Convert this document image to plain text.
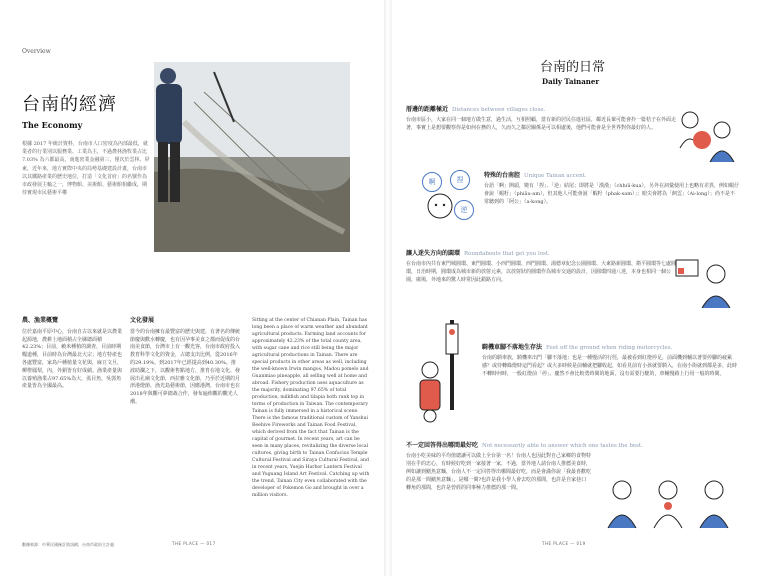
Overview
台南的經濟
The Economy
根據 2017 年統計資料，台南市人口密度為內部最低，就業者的行業別以服務業、工業為主，不過農林漁牧業占比 7.03% 為六都最高。南進密業金融第三，僅次於雲林、屏東，近年來，地方實際中央的局勢基礎建設計畫，台南市以其鐵路產業的歷史地位，打造「文化首府」的名號作為市政發展主軸之一，博物館、美術館、藝術館相繼成，期待實現市民藝術平權
農、漁業概覽
位於嘉南平原中心，台南自古以來就是以農業起源地，農耕土地面積占全縣總面積42.23%；目前，賴米種植的調查，目前時期糧道種，目前時為台灣最北大宗；地方特產也各處豐富，家鳥戶種植量文花與，麻豆文旦，柳橙鳳梨，內，外銷皆有好成績。漁業產量與以養殖漁業占97.65%為大，虱目魚，吳郭魚產量皆為全國最高。
文化發展
當今的台南擁有最豐富的歷史與建，有著名的傳統節慶與歡水轉慶，也有因孕事美食之都而促成的台南美食節，台灣市上有一觀光客，台南市政府投入教育科學文化的資金，占總支出比例，從2016年的29.19%，到2017年已經提高到40.30%。推波助瀾之下，以觀術售點地方，推育在地文化、發展出孔廟文化節，西拉雅文化節，乃至於近期的月津港燈節、漁光島藝術節，因應港灣，台南市也在2018年與觀可夢總裁合作，發布遍佈觀的觀光人潮。
Sitting at the center of Chianan Plain, Tainan has long been a place of warm weather and abundant agricultural products. Farming land accounts for approximately 42.23% of the total county area, with sugar cane and rice still being the major agricultural productions in Tainan. There are special products in other areas as well, including the well-known Irwin mangos, Madou pomelo and Guanmiao pineapple, all selling well at home and abroad. Fishery production uses aquaculture as the majority, dominating 97.65% of total production, milkfish and tilapia both rank top in terms of production in Taiwan. The contemporary Tainan is fully immersed in a historical scene. There is the famous traditional custom of Yanshui Beehive Fireworks and Tainan Food Festival, which derived from the fact that Tainan is the capital of gourmet. In recent years, art can be seen in many places, revitalizing the diverse local cultures, giving birth to Tainan Confucius Temple Cultural Festival and Siraya Cultural Festival, and in recent years, Yuejin Harbor Lantern Festival and Yuguang Island Art Festival. Catching up with the trend, Tainan City even collaborated with the developer of Pokemon Go and brought in over a million visitors.
數據來源：中華民國統計資訊網，台南市政府主計處	THE PLACE — 017
台南的日常
Daily Tainaner
厝邊的距離極近 Distances between villages close.
台南市區小，大家在同一個地方做生意，過生活，互相照顧，當有新的居民住進社區，鄰近長輩可能會拎一籃桔子在外面走著，事實上是想要觀察你是如何在務的人，久而久之鄰居關係是可以相處後，他們可能會是全世界對你最好的人。
啊	捏
逆
特殊的台南腔 Unique Tainan accent.
台語「啊」開頭，變有「捏」、「逆」結尾；即將是「漢漢」（chhiū-kua），另外在詞彙使用上也略有差異，例如蝦仔會說「蝦籽」（phiāu-am），但其他人可能會說「蝦籽（phak-sam）」；眼尖會將為「飼雲」（Ai-long）；尚不是不常聽到的「阿公」（a-kong）。
讓人迷失方向的圓環 Roundabouts that get you lost.
在台南市內共有東門城圓環、東門圓環、小西門圓環、西門圓環、湯德章紀念公園圓環、大東路新圓環、衛平圓環等七處圓環，日治時期，圓環成為城市新的放射元素，以放射狀的圓環作為城市交通的設計，因圓環四通八達，本身也相同一個公園，廣場，外地來的驚人時常因此錯路方向。
騎機車腳不落地生存法 Feet off the ground when riding motorcycles.
台南的騎車族，騎機車出門「腳不落地」也是一種慢活的行徑，最被看到紅燈停足，前面機到輔以著要停腳的疲累感？或待轉綠燈時這門看起？或大多時候是前輔就把腳收起，如看見前有小孩就要騎入，在南小街就到都是多，此時不轉時何時，一般紅燈前「停」、慶然不會比較勇時間的地面，沒有需要行駛的，車輔慢路上行用一般的時間。
不一定回答得出哪間最好吃 Not necessarily able to answer which one tastes the best.
台南小吃美味的平均值總讓可以做上全台第一名！台南人也因此對自己家鄉的食物特別在乎的忠心，有時候好吃到一家接著一家，不過，當外地人請台南人推薦美食時，例如讓到鱔魚意麵，台南人不一定回答得出哪間最好吃，而是會滿你說「我最喜歡吃的是那一間鱔魚意麵」，是哪一間?也許是我小學人會去吃的那間，也許是自家巷口轉角的那間，也許是曾經的同事極力推薦的那一間。
THE PLACE — 019
